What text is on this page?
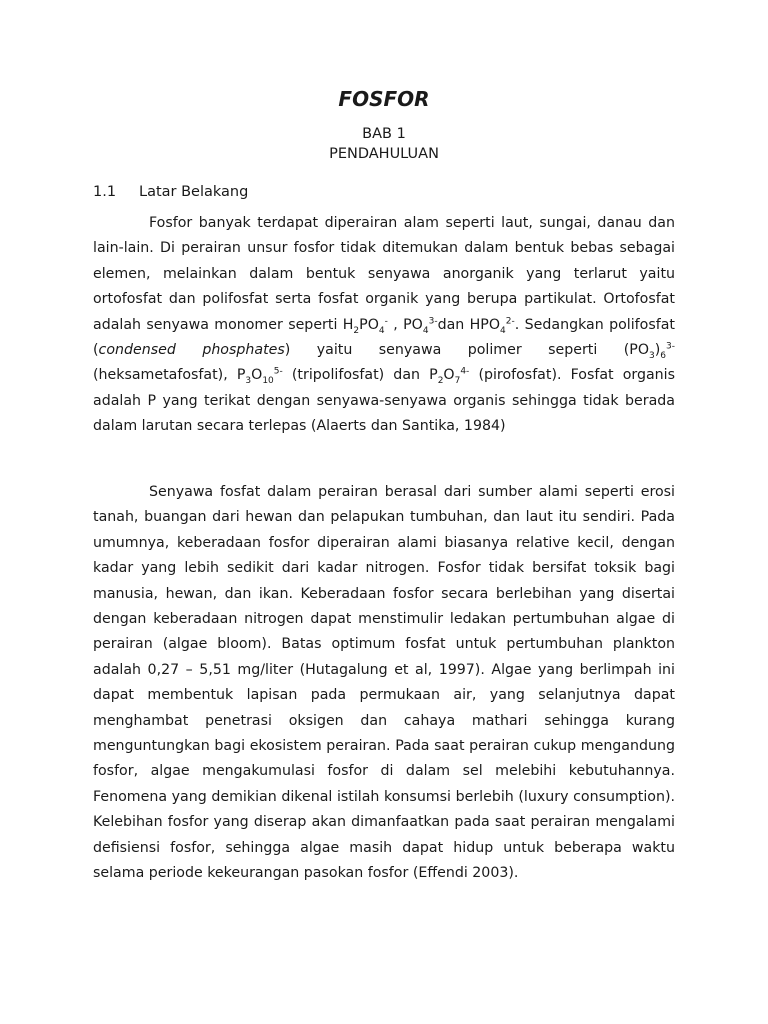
FOSFOR
BAB 1
PENDAHULUAN
1.1 Latar Belakang

Fosfor banyak terdapat diperairan alam seperti laut, sungai, danau dan lain-lain. Di perairan unsur fosfor tidak ditemukan dalam bentuk bebas sebagai elemen, melainkan dalam bentuk senyawa anorganik yang terlarut yaitu ortofosfat dan polifosfat serta fosfat organik yang berupa partikulat. Ortofosfat adalah senyawa monomer seperti $H_2PO_4^-$ , $PO_4^{3-}dan$ $HPO_4^{2-}$. Sedangkan polifosfat (condensed phosphates) yaitu senyawa polimer seperti $(PO_3)_6^{3-}$ (heksametafosfat), $P_3O_{10}^{5-}$ (tripolifosfat) dan $P_2O_7^{4-}$ (pirofosfat). Fosfat organis adalah P yang terikat dengan senyawa-senyawa organis sehingga tidak berada dalam larutan secara terlepas (Alaerts dan Santika, 1984)

Senyawa fosfat dalam perairan berasal dari sumber alami seperti erosi tanah, buangan dari hewan dan pelapukan tumbuhan, dan laut itu sendiri. Pada umumnya, keberadaan fosfor diperairan alami biasanya relative kecil, dengan kadar yang lebih sedikit dari kadar nitrogen. Fosfor tidak bersifat toksik bagi manusia, hewan, dan ikan. Keberadaan fosfor secara berlebihan yang disertai dengan keberadaan nitrogen dapat menstimulir ledakan pertumbuhan algae di perairan (algae bloom). Batas optimum fosfat untuk pertumbuhan plankton adalah 0,27 – 5,51 mg/liter (Hutagalung et al, 1997). Algae yang berlimpah ini dapat membentuk lapisan pada permukaan air, yang selanjutnya dapat menghambat penetrasi oksigen dan cahaya mathari sehingga kurang menguntungkan bagi ekosistem perairan. Pada saat perairan cukup mengandung fosfor, algae mengakumulasi fosfor di dalam sel melebihi kebutuhannya. Fenomena yang demikian dikenal istilah konsumsi berlebih (luxury consumption). Kelebihan fosfor yang diserap akan dimanfaatkan pada saat perairan mengalami defisiensi fosfor, sehingga algae masih dapat hidup untuk beberapa waktu selama periode kekeurangan pasokan fosfor (Effendi 2003).
